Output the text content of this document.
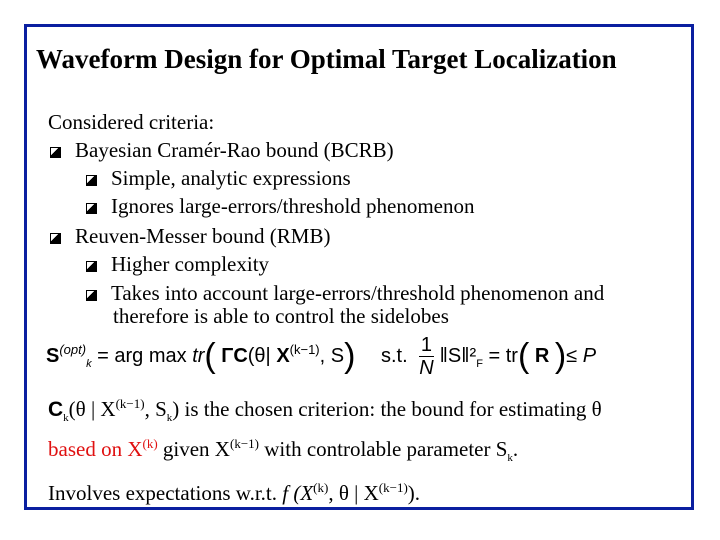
Waveform Design for Optimal Target Localization
Considered criteria:
Bayesian Cramér-Rao bound (BCRB)
Simple, analytic expressions
Ignores large-errors/threshold phenomenon
Reuven-Messer bound (RMB)
Higher complexity
Takes into account large-errors/threshold phenomenon and
therefore is able to control the sidelobes
$S^{(opt)}_k$ = arg max tr( ΓC(θ| $X^{(k-1)}$, S) s.t. $\frac{1}{N}$ $‖S‖^2_F = tr$( R )≤ P
$C_k(\theta$ | $X^{(k-1)}$, $S_k$) is the chosen criterion: the bound for estimating θ
based on $X^{(k)}$ given $X^{(k-1)}$ with controlable parameter $S_k$.
Involves expectations w.r.t. f ($X^{(k)}$, θ | $X^{(k-1)}$).
